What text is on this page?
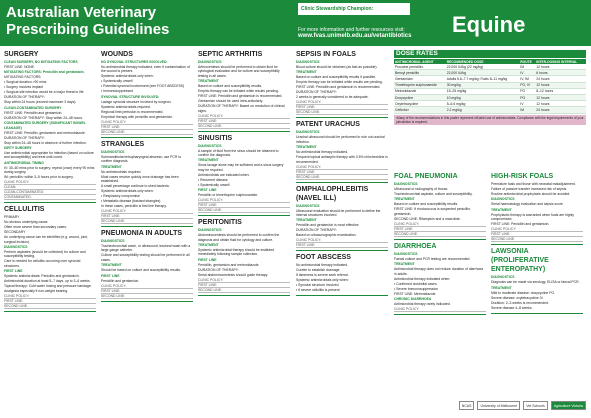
Australian Veterinary Prescribing Guidelines
Clinic Stewardship Champion:
For more information and further resources visit:
www.fvas.unimelb.edu.au/vetantibiotics	Equine
SURGERY
CLEAN SURGERY, NO MITIGATING FACTORS
FIRST LINE: NONE.
MITIGATING FACTORS: Penicillin and gentamicin.
MITIGATING FACTORS:
• Surgical duration >90 mins
• Surgery involves implant
• Surgical site infection would be a major threat to life
DURATION OF THERAPY:
Stop within 24 hours (exceed maximum 3 days).
CLEAN-CONTAMINATED SURGERY
FIRST LINE: Penicillin and gentamicin.
DURATION OF THERAPY: Stop within 24–48 hours.
CONTAMINATED SURGERY (SIGNIFICANT BOWEL LEAKAGE)
FIRST LINE: Penicillin, gentamicin and metronidazole.
DURATION OF THERAPY:
Stop within 24–48 hours in absence of further infection.
DIRTY SURGERY
Use antimicrobial appropriate for infection (based on culture and susceptibility) and treat until cured.
ANTIMICROBIAL TIMING
IV: 30–60 mins prior to surgery; repeat (once) every 90 mins during surgery.
IM: penicillin: within 3–5 hours prior to surgery.
CLINIC POLICY:
CLEAN:
CLEAN-CONTAMINATED:
CONTAMINATED:
CELLULITIS
PRIMARY
No obvious underlying cause.
Often more severe than secondary cases.
SECONDARY
An underlying cause can be identified (e.g. wound, joint, surgical incision).
DIAGNOSTICS
Perform aspirates (should be collected) for culture and susceptibility testing.
Care is needed for cellulitis occurring over synovial structures.
FIRST LINE
Systemic antimicrobials: Penicillin and gentamicin.
Antimicrobial duration at least 5–7 days, up to 3–6 weeks.
Topical therapy: Cold water hosing and pressure bandage.
Analgesia especially if non-weight bearing.
CLINIC POLICY:
FIRST LINE:
SECOND LINE:
WOUNDS
NO SYNOVIAL STRUCTURES INVOLVED:
No antimicrobial therapy indicated, even if contamination of the wound is present.
Systemic antimicrobials only when:
• Systemically unwell
• Potential synovial involvement (see FOOT ABSCESS)
• Immunosuppressed
SYNOVIAL STRUCTURE INVOLVED:
Lavage synovial structure involved by surgeon.
Systemic antimicrobials required.
Regional limb perfusion is recommended.
Empirical therapy with penicillin and gentamicin.
CLINIC POLICY:
FIRST LINE:
SECOND LINE:
STRANGLES
DIAGNOSTICS
Submandibular/retropharyngeal abscess; use PCR to confirm diagnosis.
TREATMENT
No antimicrobials required.
Most cases resolve quickly once drainage has been established.
A small percentage continue to shed bacteria.
Systemic antimicrobials only when:
• Respiratory compromise
• Metastatic disease (bastard strangles)
In these cases, penicillin is first line therapy.
CLINIC POLICY:
FIRST LINE:
SECOND LINE:
PNEUMONIA IN ADULTS
DIAGNOSTICS
Tracheobronchial wash, or ultrasound, tracheal wash with a large gauge catheter.
Culture and susceptibility testing should be performed in all cases.
TREATMENT
Should be based on culture and susceptibility results.
FIRST LINE
Penicillin and gentamicin.
CLINIC POLICY:
FIRST LINE:
SECOND LINE:
SEPTIC ARTHRITIS
DIAGNOSTICS
Arthrocentesis should be performed to obtain fluid for cytological evaluation and for culture and susceptibility testing in all cases.
TREATMENT
Based on culture and susceptibility results.
Empiric therapy can be initiated while results pending.
FIRST LINE: Penicillin and gentamicin is recommended.
Gentamicin should be used intra-articularly.
DURATION OF THERAPY: Based on resolution of clinical signs.
CLINIC POLICY:
FIRST LINE:
SECOND LINE:
SINUSITIS
DIAGNOSTICS
A sample of fluid from the sinus should be obtained to confirm the diagnosis.
TREATMENT
Sinus lavage alone may be sufficient and a sinus surgery may be required.
Antimicrobials are indicated when:
• Recurrent disease
• Systemically unwell
FIRST LINE
Penicillin or trimethoprim sulphonamide.
CLINIC POLICY:
FIRST LINE:
SECOND LINE:
PERITONITIS
DIAGNOSTICS
Abdominocentesis should be performed to confirm the diagnosis and obtain fluid for cytology and culture.
TREATMENT
Systemic antimicrobial therapy should be instituted immediately following sample collection.
FIRST LINE
Penicillin, gentamicin and metronidazole.
DURATION OF THERAPY:
Serial abdominocentesis should guide therapy.
CLINIC POLICY:
FIRST LINE:
SECOND LINE:
SEPSIS IN FOALS
DIAGNOSTICS
Blood culture should be obtained (as fast as possible).
TREATMENT
Based on culture and susceptibility results if possible.
Empiric therapy can be initiated while results are pending.
FIRST LINE: Penicillin and gentamicin is recommended.
DURATION OF THERAPY:
2 weeks is generally considered to be adequate.
CLINIC POLICY:
FIRST LINE:
SECOND LINE:
PATENT URACHUS
DIAGNOSTICS
Urachal ultrasound should be performed to rule out urachal infection.
TREATMENT
No antimicrobial therapy indicated.
Frequent topical antiseptic therapy with 0.5% chlorhexidine is recommended.
CLINIC POLICY:
FIRST LINE:
SECOND LINE:
OMPHALOPHLEBITIS (NAVEL ILL)
DIAGNOSTICS
Ultrasound evaluation should be performed to define the internal structures involved.
TREATMENT
Penicillin and gentamicin is most effective.
DURATION OF THERAPY:
Based on ultrasonographic examination.
CLINIC POLICY:
FIRST LINE:
FOOT ABSCESS
No antimicrobial therapy indicated.
Curette to establish drainage.
If lameness is severe seek referral.
Systemic antimicrobials only when:
• Synovial structure involved
• If severe cellulitis is present
FOAL PNEUMONIA
DIAGNOSTICS
Ultrasound or radiography of thorax.
Tracheobronchial aspirate, culture and susceptibility.
TREATMENT
Based on culture and susceptibility results.
FIRST LINE: If rhodococcus is suspected penicillin, gentamicin.
SECOND LINE: Rifampicin and a macrolide.
CLINIC POLICY:
FIRST LINE:
SECOND LINE:
DIARRHOEA
DIAGNOSTICS
Faecal culture and PCR testing are recommended.
TREATMENT
Antimicrobial therapy does not reduce duration of diarrhoea in adults.
Antimicrobial therapy indicated when:
• Confirmed clostridial cases
• Severe immunosuppression
FIRST LINE: Metronidazole.
CHRONIC DIARRHOEA
Antimicrobial therapy rarely indicated.
CLINIC POLICY:
HIGH-RISK FOALS
Premature foals and those with neonatal maladjustment.
Failure of passive transfer increased risk of sepsis.
Routine antimicrobial prophylaxis should be avoided.
DIAGNOSTICS
Serial haematology evaluation and sepsis score.
TREATMENT
Prophylactic therapy is warranted when foals are highly compromised.
FIRST LINE: Penicillin and gentamicin.
CLINIC POLICY:
FIRST LINE:
SECOND LINE:
LAWSONIA (PROLIFERATIVE ENTEROPATHY)
DIAGNOSTICS
Diagnosis can be made via serology, ELISA or faecal PCR.
TREATMENT
Mild to moderate disease: doxycycline PO.
Severe disease: oxytetracycline IV.
Duration: 2–3 weeks is recommended.
Severe disease 4–8 weeks.
DOSE RATES
ANTIMICROBIAL AGENT	RECOMMENDED DOSE	ROUTE	INTER-DOSING INTERVAL
Procaine penicillin¹	22,000 IU/kg (22 mg/kg)	IM	12 hours
Benzyl penicillin	22,000 IU/kg	IV	6 hours
Gentamicin²	Adults 6.6–7.7 mg/kg; Foals 8–11 mg/kg	IV, IM	24 hours
Trimethoprim sulphonamide	30 mg/kg	PO, IV	12 hours
Metronidazole	15–25 mg/kg	PO	8–12 hours
Doxycycline	10 mg/kg	PO	12 hours
Oxytetracycline	5–6.6 mg/kg	IV	12 hours
Ceftiofur³	2.2 mg/kg	IM	24 hours
¹Many of the recommendations in this poster represent off-label use of antimicrobials. Compliance with the legal requirements of your jurisdiction is required.
NCAS	University of Melbourne	Vet Schools	Agriculture Victoria
